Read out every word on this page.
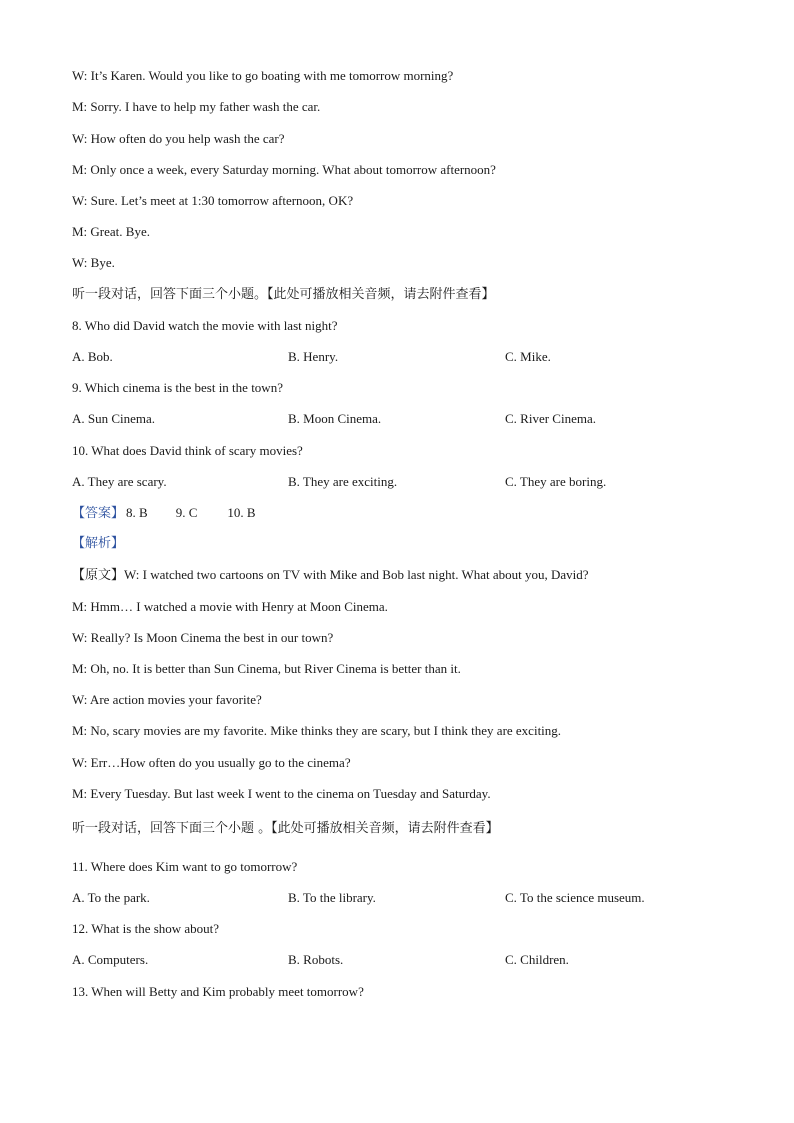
W: It’s Karen. Would you like to go boating with me tomorrow morning?
M: Sorry. I have to help my father wash the car.
W: How often do you help wash the car?
M: Only once a week, every Saturday morning. What about tomorrow afternoon?
W: Sure. Let’s meet at 1:30 tomorrow afternoon, OK?
M: Great. Bye.
W: Bye.
听一段对话，回答下面三个小题。【此处可播放相关音频，请去附件查看】
8. Who did David watch the movie with last night?
A. Bob.	B. Henry.	C. Mike.
9. Which cinema is the best in the town?
A. Sun Cinema.	B. Moon Cinema.	C. River Cinema.
10. What does David think of scary movies?
A. They are scary.	B. They are exciting.	C. They are boring.
【答案】 8. B 9. C 10. B
【解析】
【原文】W: I watched two cartoons on TV with Mike and Bob last night. What about you, David?
M: Hmm… I watched a movie with Henry at Moon Cinema.
W: Really? Is Moon Cinema the best in our town?
M: Oh, no. It is better than Sun Cinema, but River Cinema is better than it.
W: Are action movies your favorite?
M: No, scary movies are my favorite. Mike thinks they are scary, but I think they are exciting.
W: Err…How often do you usually go to the cinema?
M: Every Tuesday. But last week I went to the cinema on Tuesday and Saturday.
听一段对话，回答下面三个小题 。【此处可播放相关音频，请去附件查看】
11. Where does Kim want to go tomorrow?
A. To the park.	B. To the library.	C. To the science museum.
12. What is the show about?
A. Computers.	B. Robots.	C. Children.
13. When will Betty and Kim probably meet tomorrow?
